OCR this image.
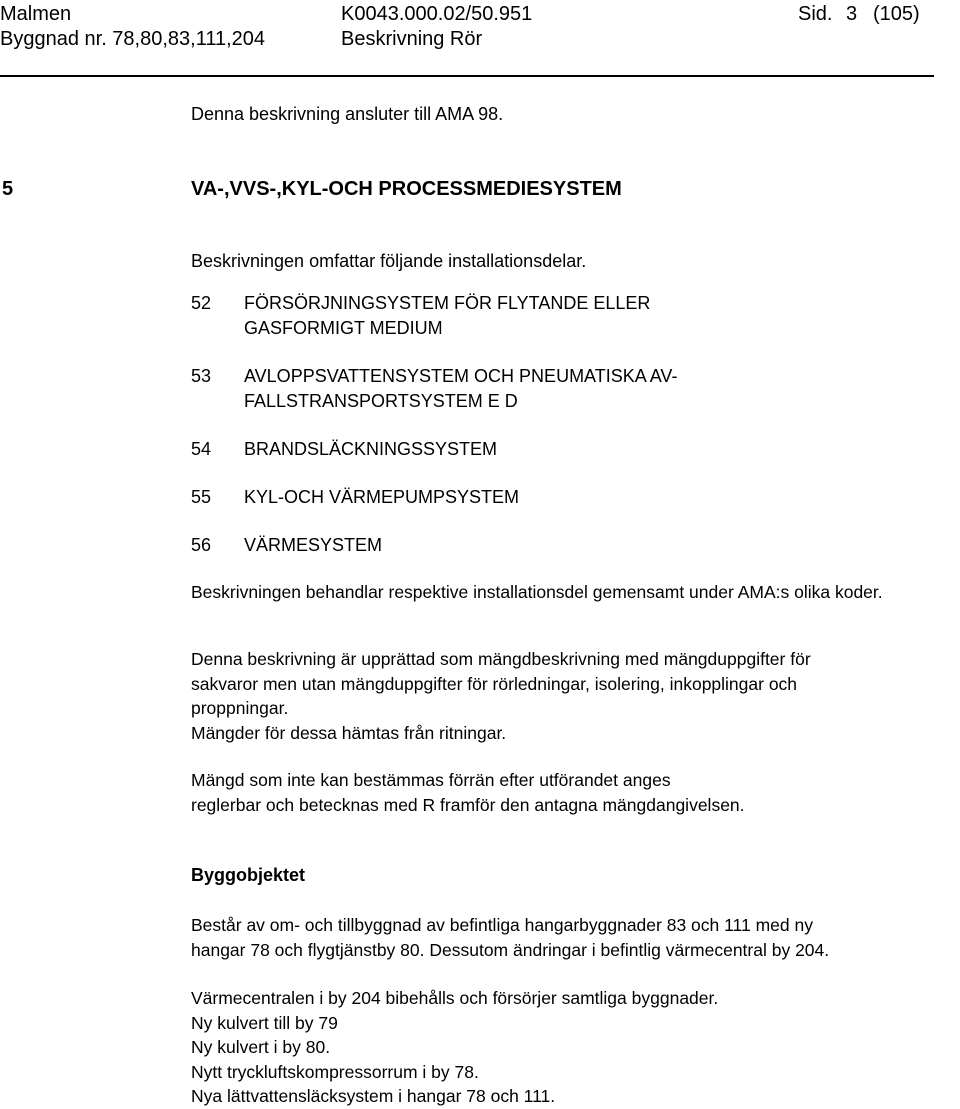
Malmen
Byggnad nr. 78,80,83,111,204
K0043.000.02/50.951
Beskrivning Rör
Sid. 3 (105)
Denna beskrivning ansluter till AMA 98.
5	VA-,VVS-,KYL-OCH PROCESSMEDIESYSTEM
Beskrivningen omfattar följande installationsdelar.
52 FÖRSÖRJNINGSYSTEM FÖR FLYTANDE ELLER
GASFORMIGT MEDIUM
53 AVLOPPSVATTENSYSTEM OCH PNEUMATISKA AV-
FALLSTRANSPORTSYSTEM E D
54 BRANDSLÄCKNINGSSYSTEM
55 KYL-OCH VÄRMEPUMPSYSTEM
56 VÄRMESYSTEM

Beskrivningen behandlar respektive installationsdel gemensamt under AMA:s olika koder.

Denna beskrivning är upprättad som mängdbeskrivning med mängduppgifter för

sakvaror men utan mängduppgifter för rörledningar, isolering, inkopplingar och

proppningar.

Mängder för dessa hämtas från ritningar.

Mängd som inte kan bestämmas förrän efter utförandet anges

reglerbar och betecknas med R framför den antagna mängdangivelsen.

Byggobjektet

Består av om- och tillbyggnad av befintliga hangarbyggnader 83 och 111 med ny

hangar 78 och flygtjänstby 80. Dessutom ändringar i befintlig värmecentral by 204.

Värmecentralen i by 204 bibehålls och försörjer samtliga byggnader.

Ny kulvert till by 79

Ny kulvert i by 80.

Nytt tryckluftskompressorrum i by 78.

Nya lättvattensläcksystem i hangar 78 och 111.
